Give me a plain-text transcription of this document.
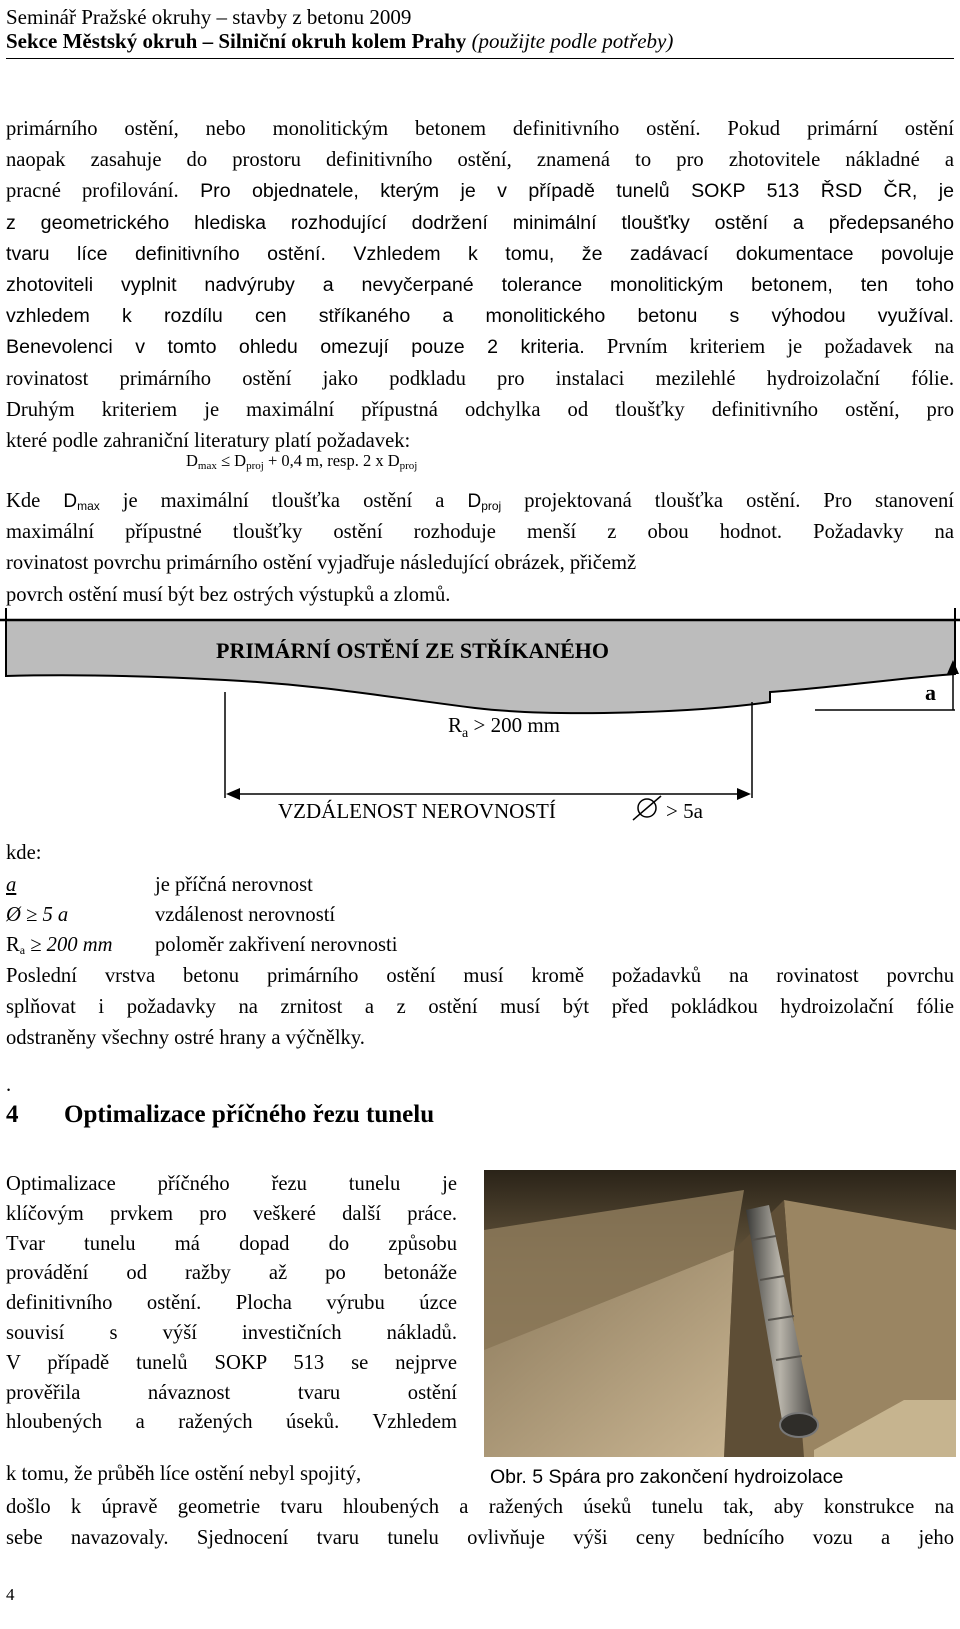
Seminář Pražské okruhy – stavby z betonu 2009
Sekce Městský okruh – Silniční okruh kolem Prahy (použijte podle potřeby)
primárního ostění, nebo monolitickým betonem definitivního ostění. Pokud primární ostění
naopak zasahuje do prostoru definitivního ostění, znamená to pro zhotovitele nákladné a
pracné profilování. Pro objednatele, kterým je v případě tunelů SOKP 513 ŘSD ČR, je
z geometrického hlediska rozhodující dodržení minimální tloušťky ostění a předepsaného
tvaru líce definitivního ostění. Vzhledem k tomu, že zadávací dokumentace povoluje
zhotoviteli vyplnit nadvýruby a nevyčerpané tolerance monolitickým betonem, ten toho
vzhledem k rozdílu cen stříkaného a monolitického betonu s výhodou využíval.
Benevolenci v tomto ohledu omezují pouze 2 kriteria. Prvním kriteriem je požadavek na
rovinatost primárního ostění jako podkladu pro instalaci mezilehlé hydroizolační fólie.
Druhým kriteriem je maximální přípustná odchylka od tloušťky definitivního ostění, pro
které podle zahraniční literatury platí požadavek:
$D_{max} \le D_{proj} + 0,4$ m, resp. 2 x $D_{proj}$
Kde $D_{max}$ je maximální tloušťka ostění a $D_{proj}$ projektovaná tloušťka ostění. Pro stanovení
maximální přípustné tloušťky ostění rozhoduje menší z obou hodnot. Požadavky na
rovinatost povrchu primárního ostění vyjadřuje následující obrázek, přičemž
povrch ostění musí být bez ostrých výstupků a zlomů.
PRIMÁRNÍ OSTĚNÍ ZE STŘÍKANÉHO
a
$R_a > 200$ mm
VZDÁLENOST NEROVNOSTÍ	> 5a
kde:
a	je příčná nerovnost
Ø ≥ 5 a	vzdálenost nerovností
$R_a \ge 200$ mm poloměr zakřivení nerovnosti
Poslední vrstva betonu primárního ostění musí kromě požadavků na rovinatost povrchu
splňovat i požadavky na zrnitost a z ostění musí být před pokládkou hydroizolační fólie
odstraněny všechny ostré hrany a výčnělky.
.
4 Optimalizace příčného řezu tunelu
Optimalizace příčného řezu tunelu je
klíčovým prvkem pro veškeré další práce.
Tvar tunelu má dopad do způsobu
provádění od ražby až po betonáže
definitivního ostění. Plocha výrubu úzce
souvisí s výší investičních nákladů.
V případě tunelů SOKP 513 se nejprve
prověřila návaznost tvaru ostění
hloubených a ražených úseků. Vzhledem
k tomu, že průběh líce ostění nebyl spojitý,	Obr. 5 Spára pro zakončení hydroizolace
došlo k úpravě geometrie tvaru hloubených a ražených úseků tunelu tak, aby konstrukce na
sebe navazovaly. Sjednocení tvaru tunelu ovlivňuje výši ceny bednícího vozu a jeho
4
